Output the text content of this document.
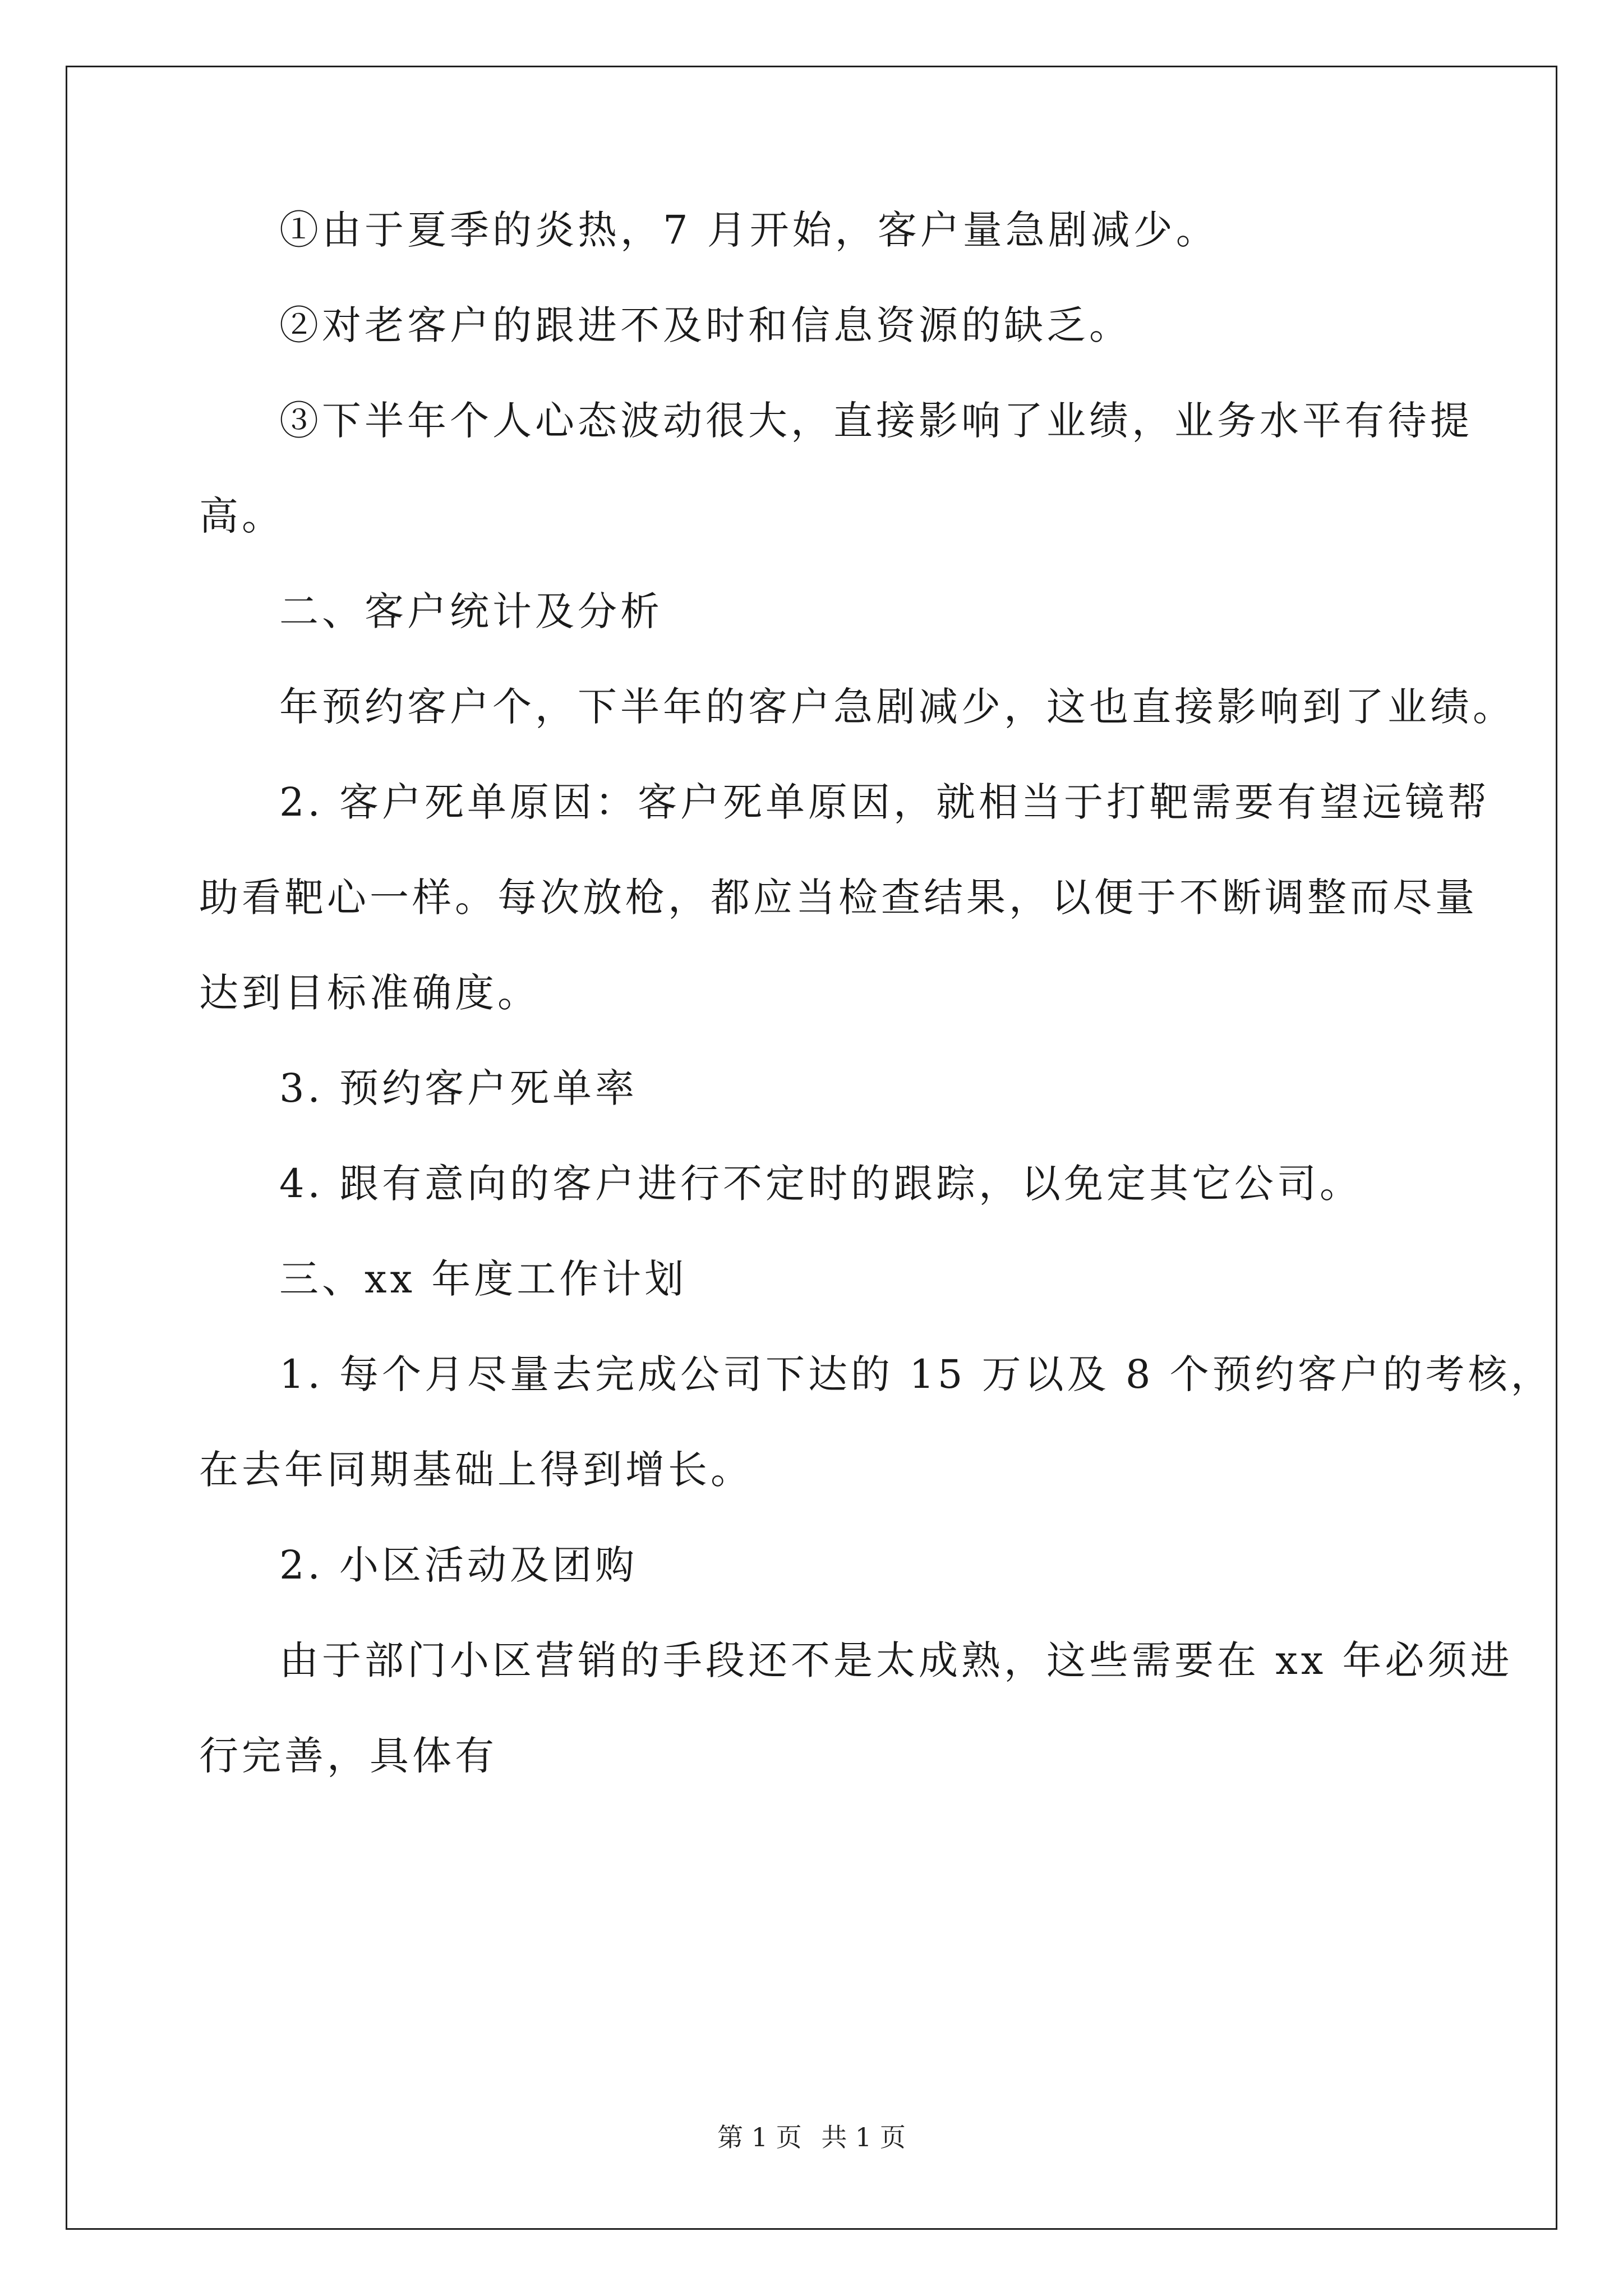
①由于夏季的炎热，7 月开始，客户量急剧减少。
②对老客户的跟进不及时和信息资源的缺乏。
③下半年个人心态波动很大，直接影响了业绩，业务水平有待提
高。
二、客户统计及分析
年预约客户个，下半年的客户急剧减少，这也直接影响到了业绩。
2. 客户死单原因：客户死单原因，就相当于打靶需要有望远镜帮
助看靶心一样。每次放枪，都应当检查结果，以便于不断调整而尽量
达到目标准确度。
3. 预约客户死单率
4. 跟有意向的客户进行不定时的跟踪，以免定其它公司。
三、xx 年度工作计划
1. 每个月尽量去完成公司下达的 15 万以及 8 个预约客户的考核，
在去年同期基础上得到增长。
2. 小区活动及团购
由于部门小区营销的手段还不是太成熟，这些需要在 xx 年必须进
行完善，具体有
第 1 页 共 1 页
